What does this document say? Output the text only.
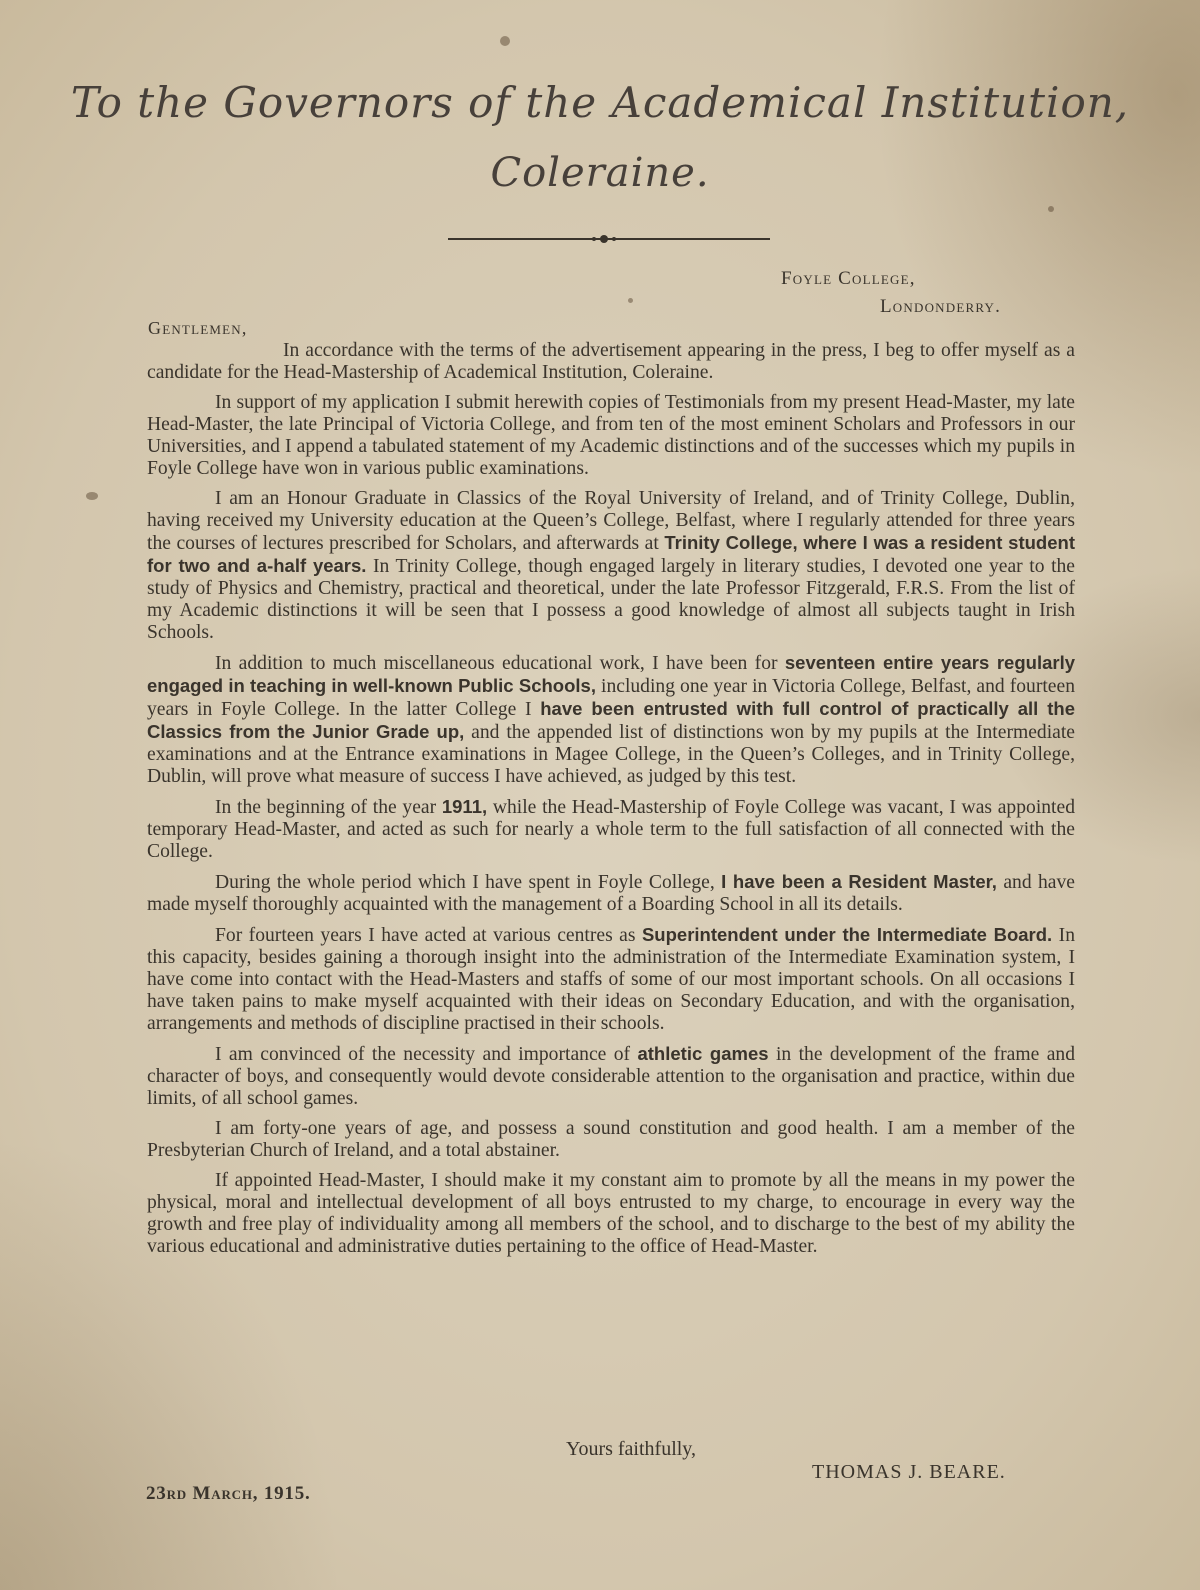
To the Governors of the Academical Institution,
Coleraine.
Foyle College,
Londonderry.
Gentlemen,

In accordance with the terms of the advertisement appearing in the press, I beg to offer myself as a candidate for the Head-Mastership of Academical Institution, Coleraine.

In support of my application I submit herewith copies of Testimonials from my present Head-Master, my late Head-Master, the late Principal of Victoria College, and from ten of the most eminent Scholars and Professors in our Universities, and I append a tabulated statement of my Academic distinctions and of the successes which my pupils in Foyle College have won in various public examinations.

I am an Honour Graduate in Classics of the Royal University of Ireland, and of Trinity College, Dublin, having received my University education at the Queen’s College, Belfast, where I regularly attended for three years the courses of lectures prescribed for Scholars, and afterwards at Trinity College, where I was a resident student for two and a-half years. In Trinity College, though engaged largely in literary studies, I devoted one year to the study of Physics and Chemistry, practical and theoretical, under the late Professor Fitzgerald, F.R.S. From the list of my Academic distinctions it will be seen that I possess a good knowledge of almost all subjects taught in Irish Schools.

In addition to much miscellaneous educational work, I have been for seventeen entire years regularly engaged in teaching in well-known Public Schools, including one year in Victoria College, Belfast, and fourteen years in Foyle College. In the latter College I have been entrusted with full control of practically all the Classics from the Junior Grade up, and the appended list of distinctions won by my pupils at the Intermediate examinations and at the Entrance examinations in Magee College, in the Queen’s Colleges, and in Trinity College, Dublin, will prove what measure of success I have achieved, as judged by this test.

In the beginning of the year 1911, while the Head-Mastership of Foyle College was vacant, I was appointed temporary Head-Master, and acted as such for nearly a whole term to the full satisfaction of all connected with the College.

During the whole period which I have spent in Foyle College, I have been a Resident Master, and have made myself thoroughly acquainted with the management of a Boarding School in all its details.

For fourteen years I have acted at various centres as Superintendent under the Intermediate Board. In this capacity, besides gaining a thorough insight into the administration of the Intermediate Examination system, I have come into contact with the Head-Masters and staffs of some of our most important schools. On all occasions I have taken pains to make myself acquainted with their ideas on Secondary Education, and with the organisation, arrangements and methods of discipline practised in their schools.

I am convinced of the necessity and importance of athletic games in the development of the frame and character of boys, and consequently would devote considerable attention to the organisation and practice, within due limits, of all school games.

I am forty-one years of age, and possess a sound constitution and good health. I am a member of the Presbyterian Church of Ireland, and a total abstainer.

If appointed Head-Master, I should make it my constant aim to promote by all the means in my power the physical, moral and intellectual development of all boys entrusted to my charge, to encourage in every way the growth and free play of individuality among all members of the school, and to discharge to the best of my ability the various educational and administrative duties pertaining to the office of Head-Master.

Yours faithfully,
THOMAS J. BEARE.
23rd March, 1915.
